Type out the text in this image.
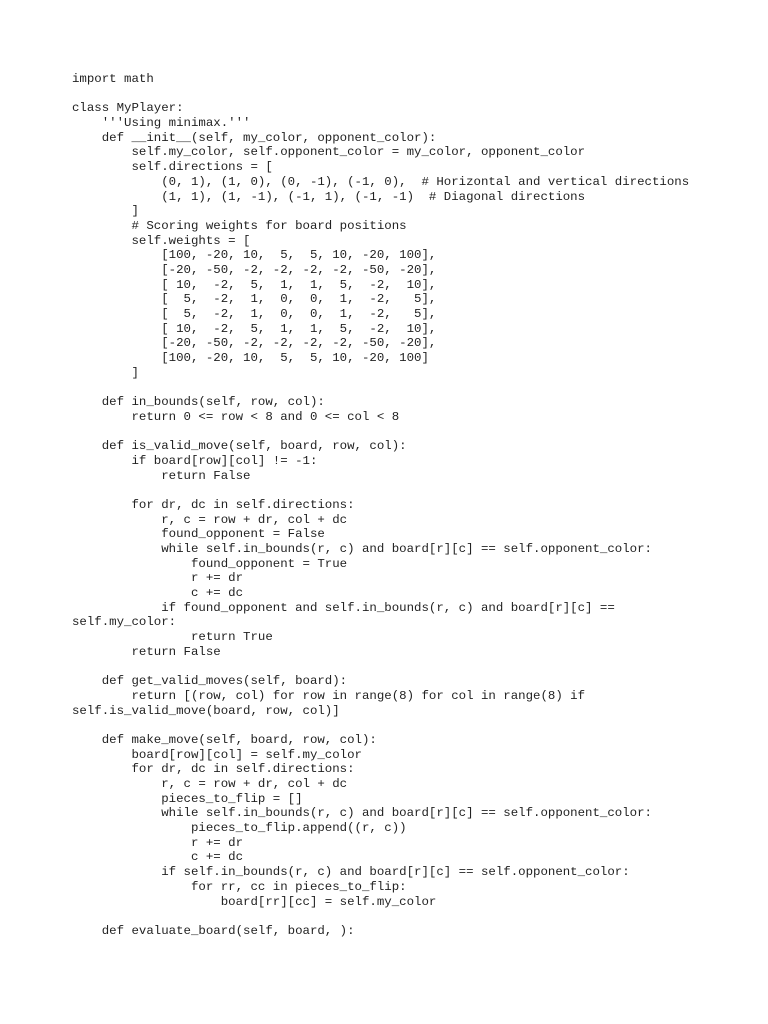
import math
class MyPlayer:
'''Using minimax.'''
def __init__(self, my_color, opponent_color):
self.my_color, self.opponent_color = my_color, opponent_color
self.directions = [
(0, 1), (1, 0), (0, -1), (-1, 0),  # Horizontal and vertical directions
(1, 1), (1, -1), (-1, 1), (-1, -1)  # Diagonal directions
]
# Scoring weights for board positions
self.weights = [
[100, -20, 10,  5,  5, 10, -20, 100],
[-20, -50, -2, -2, -2, -2, -50, -20],
[ 10,  -2,  5,  1,  1,  5,  -2,  10],
[  5,  -2,  1,  0,  0,  1,  -2,   5],
[  5,  -2,  1,  0,  0,  1,  -2,   5],
[ 10,  -2,  5,  1,  1,  5,  -2,  10],
[-20, -50, -2, -2, -2, -2, -50, -20],
[100, -20, 10,  5,  5, 10, -20, 100]
]
def in_bounds(self, row, col):
return 0 <= row < 8 and 0 <= col < 8
def is_valid_move(self, board, row, col):
if board[row][col] != -1:
return False
for dr, dc in self.directions:
r, c = row + dr, col + dc
found_opponent = False
while self.in_bounds(r, c) and board[r][c] == self.opponent_color:
found_opponent = True
r += dr
c += dc
if found_opponent and self.in_bounds(r, c) and board[r][c] ==
self.my_color:
return True
return False
def get_valid_moves(self, board):
return [(row, col) for row in range(8) for col in range(8) if
self.is_valid_move(board, row, col)]
def make_move(self, board, row, col):
board[row][col] = self.my_color
for dr, dc in self.directions:
r, c = row + dr, col + dc
pieces_to_flip = []
while self.in_bounds(r, c) and board[r][c] == self.opponent_color:
pieces_to_flip.append((r, c))
r += dr
c += dc
if self.in_bounds(r, c) and board[r][c] == self.opponent_color:
for rr, cc in pieces_to_flip:
board[rr][cc] = self.my_color
def evaluate_board(self, board, ):
